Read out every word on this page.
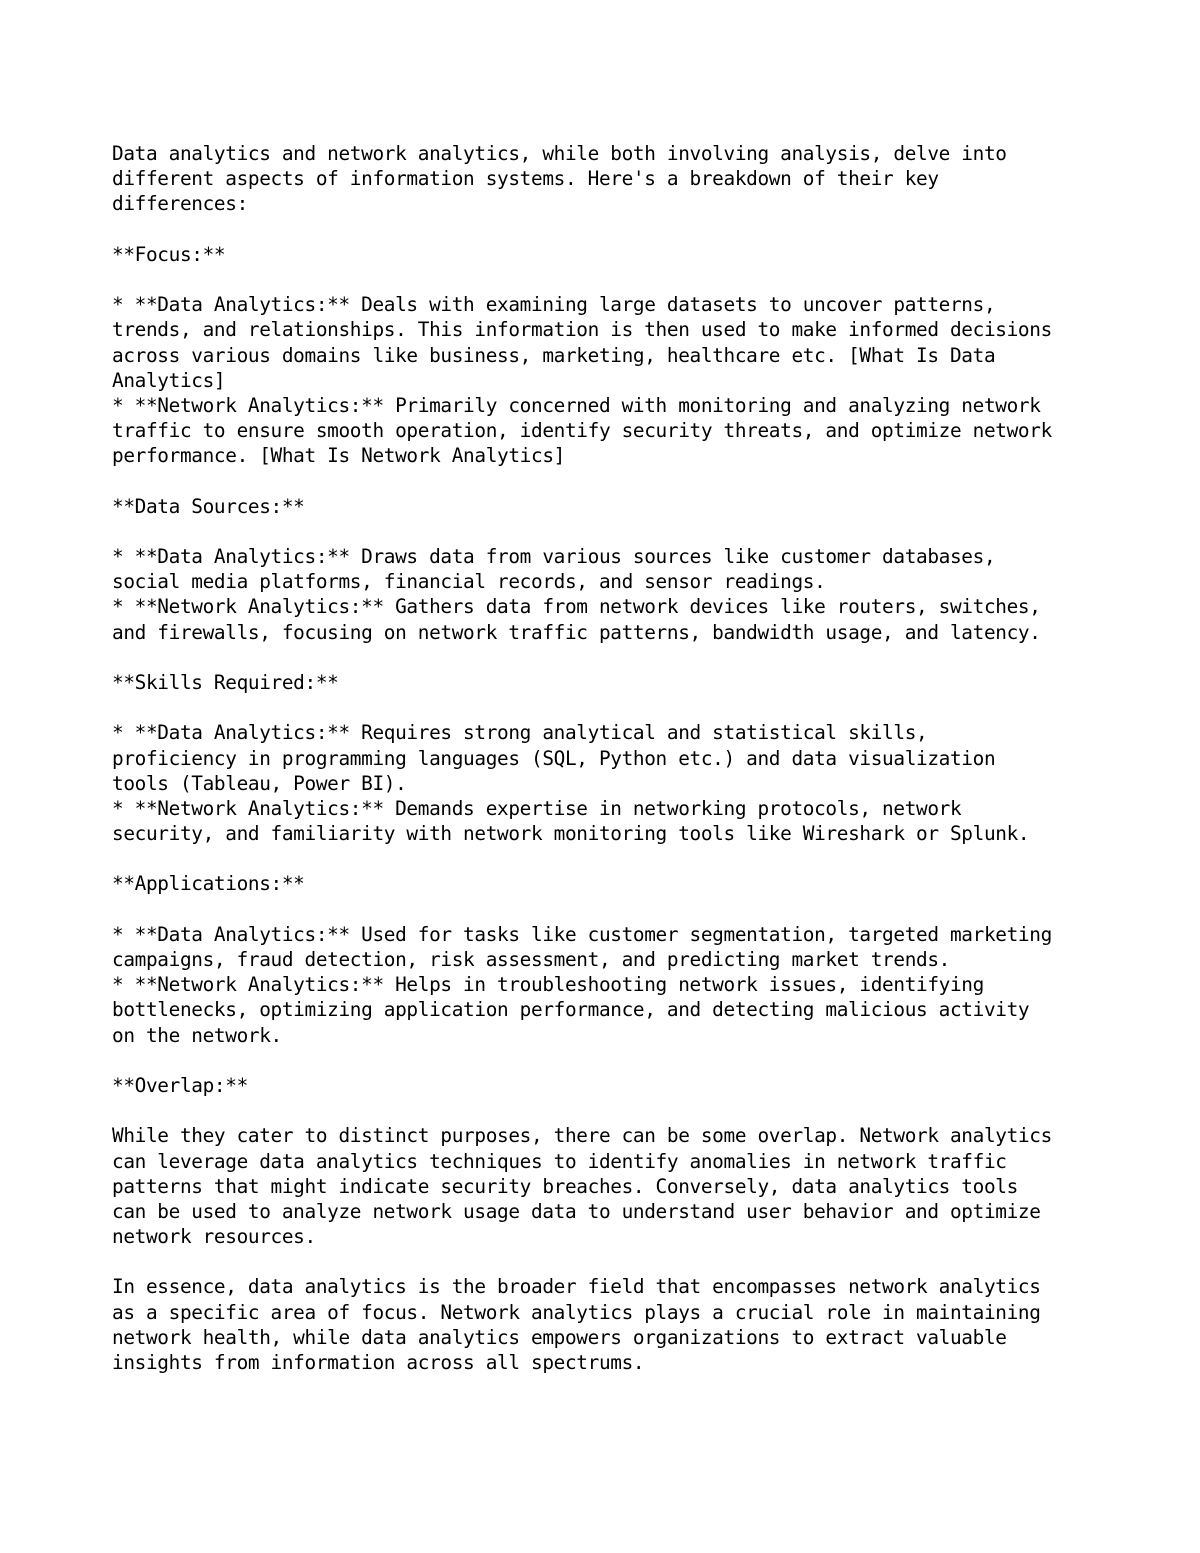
Data analytics and network analytics, while both involving analysis, delve into
different aspects of information systems. Here's a breakdown of their key
differences:
**Focus:**
* **Data Analytics:** Deals with examining large datasets to uncover patterns,
trends, and relationships. This information is then used to make informed decisions
across various domains like business, marketing, healthcare etc. [What Is Data
Analytics]
* **Network Analytics:** Primarily concerned with monitoring and analyzing network
traffic to ensure smooth operation, identify security threats, and optimize network
performance. [What Is Network Analytics]
**Data Sources:**
* **Data Analytics:** Draws data from various sources like customer databases,
social media platforms, financial records, and sensor readings.
* **Network Analytics:** Gathers data from network devices like routers, switches,
and firewalls, focusing on network traffic patterns, bandwidth usage, and latency.
**Skills Required:**
* **Data Analytics:** Requires strong analytical and statistical skills,
proficiency in programming languages (SQL, Python etc.) and data visualization
tools (Tableau, Power BI).
* **Network Analytics:** Demands expertise in networking protocols, network
security, and familiarity with network monitoring tools like Wireshark or Splunk.
**Applications:**
* **Data Analytics:** Used for tasks like customer segmentation, targeted marketing
campaigns, fraud detection, risk assessment, and predicting market trends.
* **Network Analytics:** Helps in troubleshooting network issues, identifying
bottlenecks, optimizing application performance, and detecting malicious activity
on the network.
**Overlap:**
While they cater to distinct purposes, there can be some overlap. Network analytics
can leverage data analytics techniques to identify anomalies in network traffic
patterns that might indicate security breaches. Conversely, data analytics tools
can be used to analyze network usage data to understand user behavior and optimize
network resources.
In essence, data analytics is the broader field that encompasses network analytics
as a specific area of focus. Network analytics plays a crucial role in maintaining
network health, while data analytics empowers organizations to extract valuable
insights from information across all spectrums.
